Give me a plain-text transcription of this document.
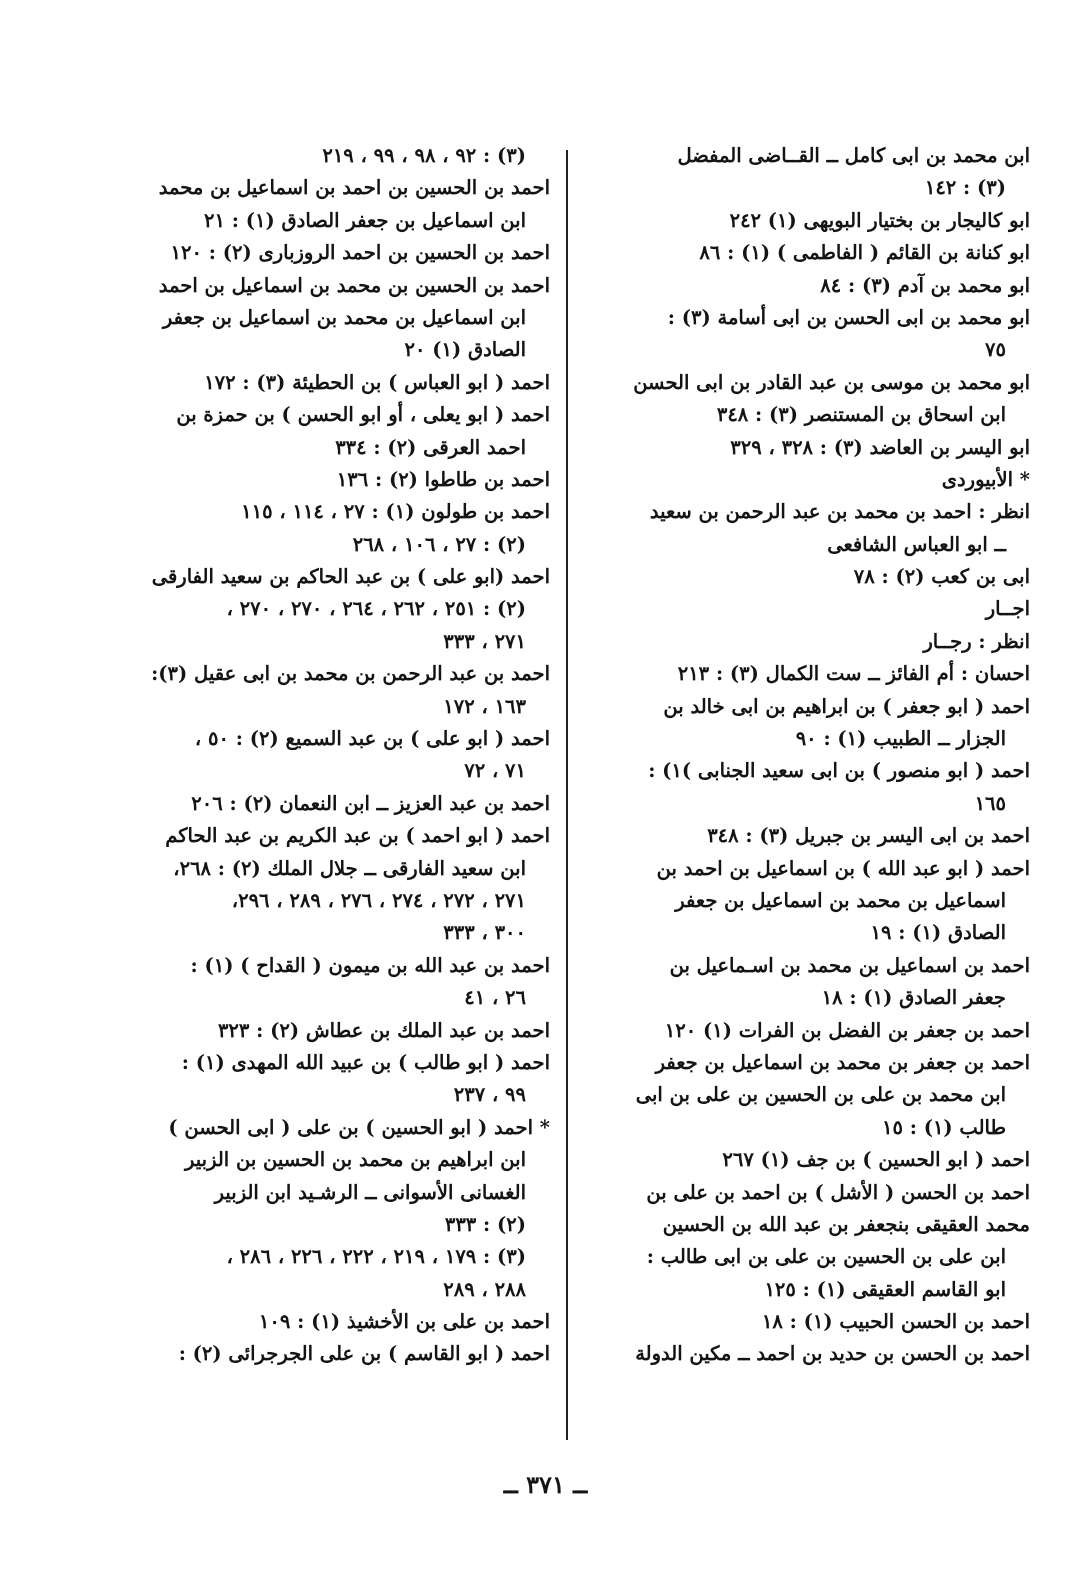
ابن محمد بن ابى كامل ــ القــاضى المفضل
(٣) : ١٤٢
ابو كاليجار بن بختيار البويهى (١) ٢٤٢
ابو كنانة بن القائم ( الفاطمى ) (١) : ٨٦
ابو محمد بن آدم (٣) : ٨٤
ابو محمد بن ابى الحسن بن ابى أسامة (٣) :
٧٥
ابو محمد بن موسى بن عبد القادر بن ابى الحسن
ابن اسحاق بن المستنصر (٣) : ٣٤٨
ابو اليسر بن العاضد (٣) : ٣٢٨ ، ٣٢٩
* الأبيوردى
انظر : احمد بن محمد بن عبد الرحمن بن سعيد
ــ ابو العباس الشافعى
ابى بن كعب (٢) : ٧٨
اجــار
انظر : رجــار
احسان : أم الفائز ــ ست الكمال (٣) : ٢١٣
احمد ( ابو جعفر ) بن ابراهيم بن ابى خالد بن
الجزار ــ الطبيب (١) : ٩٠
احمد ( ابو منصور ) بن ابى سعيد الجنابى )١) :
١٦٥
احمد بن ابى اليسر بن جبريل (٣) : ٣٤٨
احمد ( ابو عبد الله ) بن اسماعيل بن احمد بن
اسماعيل بن محمد بن اسماعيل بن جعفر
الصادق (١) : ١٩
احمد بن اسماعيل بن محمد بن اسـماعيل بن
جعفر الصادق (١) : ١٨
احمد بن جعفر بن الفضل بن الفرات (١) ١٢٠
احمد بن جعفر بن محمد بن اسماعيل بن جعفر
ابن محمد بن على بن الحسين بن على بن ابى
طالب (١) : ١٥
احمد ( ابو الحسين ) بن جف (١) ٢٦٧
احمد بن الحسن ( الأشل ) بن احمد بن على بن
محمد العقيقى بنجعفر بن عبد الله بن الحسين
ابن على بن الحسين بن على بن ابى طالب :
ابو القاسم العقيقى (١) : ١٢٥
احمد بن الحسن الحبيب (١) : ١٨
احمد بن الحسن بن حديد بن احمد ــ مكين الدولة
(٣) : ٩٢ ، ٩٨ ، ٩٩ ، ٢١٩
احمد بن الحسين بن احمد بن اسماعيل بن محمد
ابن اسماعيل بن جعفر الصادق (١) : ٢١
احمد بن الحسين بن احمد الروزبارى (٢) : ١٢٠
احمد بن الحسين بن محمد بن اسماعيل بن احمد
ابن اسماعيل بن محمد بن اسماعيل بن جعفر
الصادق (١) ٢٠
احمد ( ابو العباس ) بن الحطيئة (٣) : ١٧٢
احمد ( ابو يعلى ، أو ابو الحسن ) بن حمزة بن
احمد العرقى (٢) : ٣٣٤
احمد بن طاطوا (٢) : ١٣٦
احمد بن طولون (١) : ٢٧ ، ١١٤ ، ١١٥
(٢) : ٢٧ ، ١٠٦ ، ٢٦٨
احمد (ابو على ) بن عبد الحاكم بن سعيد الفارقى
(٢) : ٢٥١ ، ٢٦٢ ، ٢٦٤ ، ٢٧٠ ، ٢٧٠ ،
٢٧١ ، ٣٣٣
احمد بن عبد الرحمن بن محمد بن ابى عقيل (٣):
١٦٣ ، ١٧٢
احمد ( ابو على ) بن عبد السميع (٢) : ٥٠ ،
٧١ ، ٧٢
احمد بن عبد العزيز ــ ابن النعمان (٢) : ٢٠٦
احمد ( ابو احمد ) بن عبد الكريم بن عبد الحاكم
ابن سعيد الفارقى ــ جلال الملك (٢) : ٢٦٨،
٢٧١ ، ٢٧٢ ، ٢٧٤ ، ٢٧٦ ، ٢٨٩ ، ٢٩٦،
٣٠٠ ، ٣٣٣
احمد بن عبد الله بن ميمون ( القداح ) (١) :
٢٦ ، ٤١
احمد بن عبد الملك بن عطاش (٢) : ٣٢٣
احمد ( ابو طالب ) بن عبيد الله المهدى (١) :
٩٩ ، ٢٣٧
* احمد ( ابو الحسين ) بن على ( ابى الحسن )
ابن ابراهيم بن محمد بن الحسين بن الزبير
الغسانى الأسوانى ــ الرشـيد ابن الزبير
(٢) : ٣٣٣
(٣) : ١٧٩ ، ٢١٩ ، ٢٢٢ ، ٢٢٦ ، ٢٨٦ ،
٢٨٨ ، ٢٨٩
احمد بن على بن الأخشيذ (١) : ١٠٩
احمد ( ابو القاسم ) بن على الجرجرائى (٢) :
ــ ٣٧١ ــ
